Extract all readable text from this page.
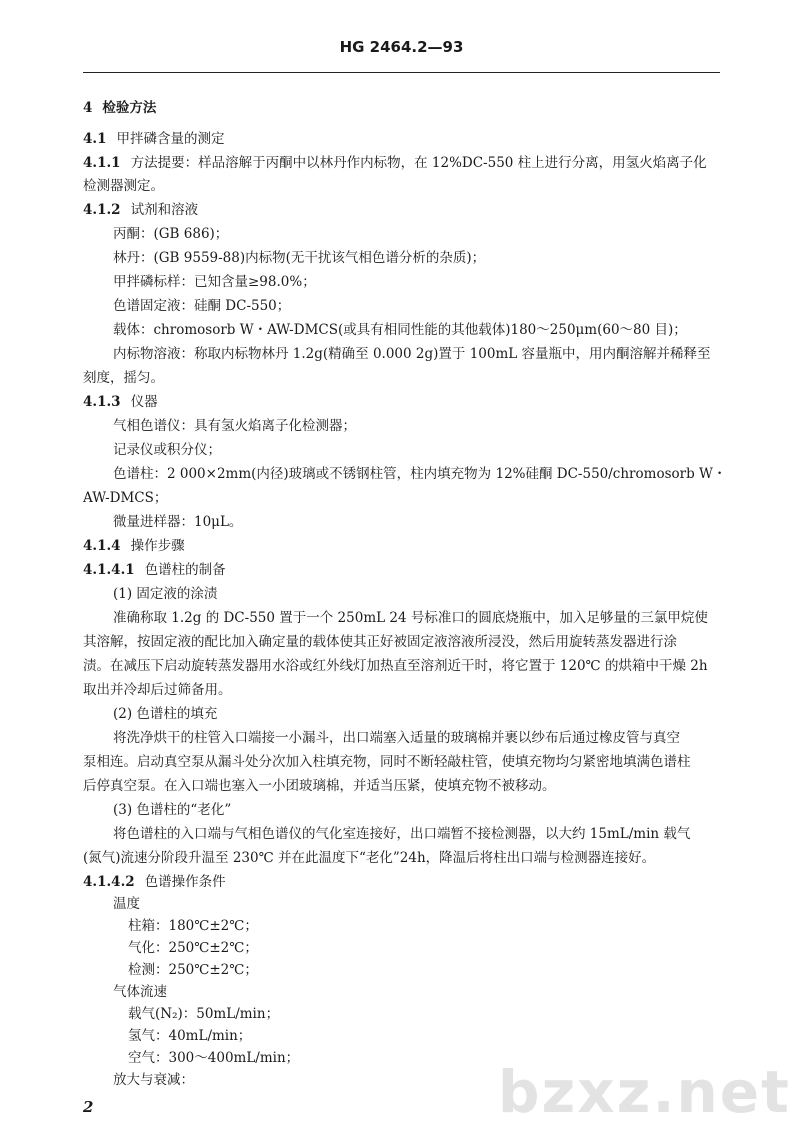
HG 2464.2—93
4 检验方法
4.1 甲拌磷含量的测定
4.1.1 方法提要：样品溶解于丙酮中以林丹作内标物，在 12%DC-550 柱上进行分离，用氢火焰离子化
检测器测定。
4.1.2 试剂和溶液
丙酮：(GB 686)；
林丹：(GB 9559-88)内标物(无干扰该气相色谱分析的杂质)；
甲拌磷标样：已知含量≥98.0%；
色谱固定液：硅酮 DC-550；
载体：chromosorb W・AW-DMCS(或具有相同性能的其他载体)180～250μm(60～80 目)；
内标物溶液：称取内标物林丹 1.2g(精确至 0.000 2g)置于 100mL 容量瓶中，用内酮溶解并稀释至
刻度，摇匀。
4.1.3 仪器
气相色谱仪：具有氢火焰离子化检测器；
记录仪或积分仪；
色谱柱：2 000×2mm(内径)玻璃或不锈钢柱管，柱内填充物为 12%硅酮 DC-550/chromosorb W・
AW-DMCS；
微量进样器：10μL。
4.1.4 操作步骤
4.1.4.1 色谱柱的制备
(1) 固定液的涂渍
准确称取 1.2g 的 DC-550 置于一个 250mL 24 号标准口的圆底烧瓶中，加入足够量的三氯甲烷使
其溶解，按固定液的配比加入确定量的载体使其正好被固定液溶液所浸没，然后用旋转蒸发器进行涂
渍。在减压下启动旋转蒸发器用水浴或红外线灯加热直至溶剂近干时，将它置于 120℃ 的烘箱中干燥 2h
取出并冷却后过筛备用。
(2) 色谱柱的填充
将洗净烘干的柱管入口端接一小漏斗，出口端塞入适量的玻璃棉并裹以纱布后通过橡皮管与真空
泵相连。启动真空泵从漏斗处分次加入柱填充物，同时不断轻敲柱管，使填充物均匀紧密地填满色谱柱
后停真空泵。在入口端也塞入一小团玻璃棉，并适当压紧，使填充物不被移动。
(3) 色谱柱的“老化”
将色谱柱的入口端与气相色谱仪的气化室连接好，出口端暂不接检测器，以大约 15mL/min 载气
(氮气)流速分阶段升温至 230℃ 并在此温度下“老化”24h，降温后将柱出口端与检测器连接好。
4.1.4.2 色谱操作条件
温度
柱箱：180℃±2℃；
气化：250℃±2℃；
检测：250℃±2℃；
气体流速
载气(N₂)：50mL/min；
氢气：40mL/min；
空气：300～400mL/min；
放大与衰减：
2	bzxz.net
